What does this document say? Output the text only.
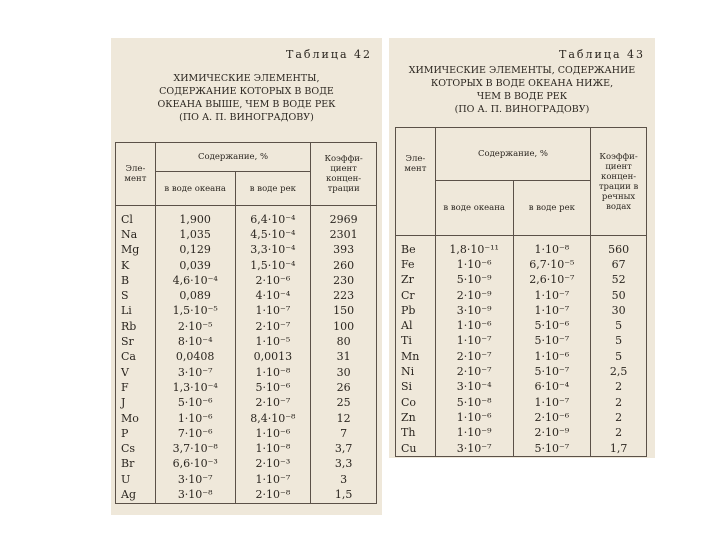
Таблица 42
ХИМИЧЕСКИЕ ЭЛЕМЕНТЫ,
СОДЕРЖАНИЕ КОТОРЫХ В ВОДЕ
ОКЕАНА ВЫШЕ, ЧЕМ В ВОДЕ РЕК
(ПО А. П. ВИНОГРАДОВУ)
Эле-мент	Содержание, %		Коэффи-циент концен-трации
	в воде океана	в воде рек	
Cl	1,900	6,4·10⁻⁴	2969
Na	1,035	4,5·10⁻⁴	2301
Mg	0,129	3,3·10⁻⁴	393
K	0,039	1,5·10⁻⁴	260
B	4,6·10⁻⁴	2·10⁻⁶	230
S	0,089	4·10⁻⁴	223
Li	1,5·10⁻⁵	1·10⁻⁷	150
Rb	2·10⁻⁵	2·10⁻⁷	100
Sr	8·10⁻⁴	1·10⁻⁵	80
Ca	0,0408	0,0013	31
V	3·10⁻⁷	1·10⁻⁸	30
F	1,3·10⁻⁴	5·10⁻⁶	26
J	5·10⁻⁶	2·10⁻⁷	25
Mo	1·10⁻⁶	8,4·10⁻⁸	12
P	7·10⁻⁶	1·10⁻⁶	7
Cs	3,7·10⁻⁸	1·10⁻⁸	3,7
Br	6,6·10⁻³	2·10⁻³	3,3
U	3·10⁻⁷	1·10⁻⁷	3
Ag	3·10⁻⁸	2·10⁻⁸	1,5
Таблица 43
ХИМИЧЕСКИЕ ЭЛЕМЕНТЫ, СОДЕРЖАНИЕ
КОТОРЫХ В ВОДЕ ОКЕАНА НИЖЕ,
ЧЕМ В ВОДЕ РЕК
(ПО А. П. ВИНОГРАДОВУ)
Эле-мент	Содержание, %		Коэффи-циент концен-трации в речных водах
	в воде океана	в воде рек	
Be	1,8·10⁻¹¹	1·10⁻⁸	560
Fe	1·10⁻⁶	6,7·10⁻⁵	67
Zr	5·10⁻⁹	2,6·10⁻⁷	52
Cr	2·10⁻⁹	1·10⁻⁷	50
Pb	3·10⁻⁹	1·10⁻⁷	30
Al	1·10⁻⁶	5·10⁻⁶	5
Ti	1·10⁻⁷	5·10⁻⁷	5
Mn	2·10⁻⁷	1·10⁻⁶	5
Ni	2·10⁻⁷	5·10⁻⁷	2,5
Si	3·10⁻⁴	6·10⁻⁴	2
Co	5·10⁻⁸	1·10⁻⁷	2
Zn	1·10⁻⁶	2·10⁻⁶	2
Th	1·10⁻⁹	2·10⁻⁹	2
Cu	3·10⁻⁷	5·10⁻⁷	1,7
